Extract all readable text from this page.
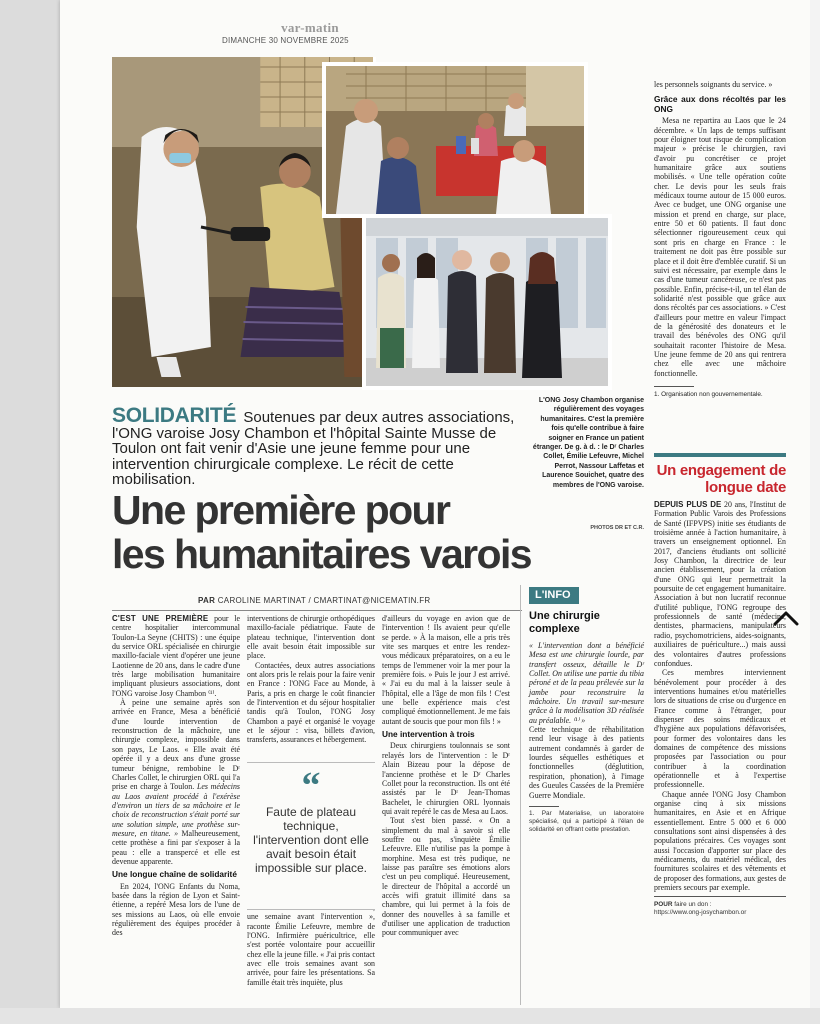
var-matin
DIMANCHE 30 NOVEMBRE 2025
L'ONG Josy Chambon organise régulièrement des voyages humanitaires. C'est la première fois qu'elle contribue à faire soigner en France un patient étranger. De g. à d. : le Dʳ Charles Collet, Émilie Lefeuvre, Michel Perrot, Nassour Laffetas et Laurence Souichet, quatre des membres de l'ONG varoise.
PHOTOS DR ET C.R.
SOLIDARITÉ Soutenues par deux autres associations, l'ONG varoise Josy Chambon et l'hôpital Sainte Musse de Toulon ont fait venir d'Asie une jeune femme pour une intervention chirurgicale complexe. Le récit de cette mobilisation.
Une première pour
les humanitaires varois
PAR CAROLINE MARTINAT / CMARTINAT@NICEMATIN.FR

C'EST UNE PREMIÈRE pour le centre hospitalier intercommunal Toulon-La Seyne (CHITS) : une équipe du service ORL spécialisée en chirurgie maxillo-faciale vient d'opérer une jeune Laotienne de 20 ans, dans le cadre d'une très large mobilisation humanitaire impliquant plusieurs associations, dont l'ONG varoise Josy Chambon ⁽¹⁾.

À peine une semaine après son arrivée en France, Mesa a bénéficié d'une lourde intervention de reconstruction de la mâchoire, une chirurgie complexe, impossible dans son pays, Le Laos. « Elle avait été opérée il y a deux ans d'une grosse tumeur bénigne, rembobine le Dʳ Charles Collet, le chirurgien ORL qui l'a prise en charge à Toulon. Les médecins au Laos avaient procédé à l'exérèse d'environ un tiers de sa mâchoire et le choix de reconstruction s'était porté sur une solution simple, une prothèse sur-mesure, en titane. » Malheureusement, cette prothèse a fini par s'exposer à la peau : elle a transpercé et elle est devenue apparente.

Une longue chaîne de solidarité

En 2024, l'ONG Enfants du Noma, basée dans la région de Lyon et Saint-étienne, a repéré Mesa lors de l'une de ses missions au Laos, où elle envoie régulièrement des équipes procéder à des

interventions de chirurgie orthopédiques maxillo-faciale pédiatrique. Faute de plateau technique, l'intervention dont elle avait besoin était impossible sur place.

Contactées, deux autres associations ont alors pris le relais pour la faire venir en France : l'ONG Face au Monde, à Paris, a pris en charge le coût financier de l'intervention et du séjour hospitalier tandis qu'à Toulon, l'ONG Josy Chambon a payé et organisé le voyage et le séjour : visa, billets d'avion, transferts, assurances et hébergement.

une semaine avant l'intervention », raconte Émilie Lefeuvre, membre de l'ONG. Infirmière puéricultrice, elle s'est portée volontaire pour accueillir chez elle la jeune fille. « J'ai pris contact avec elle trois semaines avant son arrivée, pour faire les présentations. Sa famille était très inquiète, plus

“
Faute de plateau technique, l'intervention dont elle avait besoin était impossible sur place.

d'ailleurs du voyage en avion que de l'intervention ! Ils avaient peur qu'elle se perde. » À la maison, elle a pris très vite ses marques et entre les rendez-vous médicaux préparatoires, on a eu le temps de l'emmener voir la mer pour la première fois. » Puis le jour J est arrivé. « J'ai eu du mal à la laisser seule à l'hôpital, elle a l'âge de mon fils ! C'est une belle expérience mais c'est compliqué émotionnellement. Je me fais autant de soucis que pour mon fils ! »

Une intervention à trois

Deux chirurgiens toulonnais se sont relayés lors de l'intervention : le Dʳ Alain Bizeau pour la dépose de l'ancienne prothèse et le Dʳ Charles Collet pour la reconstruction. Ils ont été assistés par le Dʳ Jean-Thomas Bachelet, le chirurgien ORL lyonnais qui avait repéré le cas de Mesa au Laos.

Tout s'est bien passé. « On a simplement du mal à savoir si elle souffre ou pas, s'inquiète Émilie Lefeuvre. Elle n'utilise pas la pompe à morphine. Mesa est très pudique, ne laisse pas paraître ses émotions alors c'est un peu compliqué. Heureusement, le directeur de l'hôpital a accordé un accès wifi gratuit illimité dans sa chambre, qui lui permet à la fois de donner des nouvelles à sa famille et d'utiliser une application de traduction pour communiquer avec

L'INFO
Une chirurgie complexe

« L'intervention dont a bénéficié Mesa est une chirurgie lourde, par transfert osseux, détaille le Dʳ Collet. On utilise une partie du tibia péroné et de la peau prélevée sur la jambe pour reconstruire la mâchoire. Un travail sur-mesure grâce à la modélisation 3D réalisée au préalable. ⁽¹⁾ »

Cette technique de réhabilitation rend leur visage à des patients autrement condamnés à garder de lourdes séquelles esthétiques et fonctionnelles (déglutition, respiration, phonation), à l'image des Gueules Cassées de la Première Guerre Mondiale.

1. Par Materialise, un laboratoire spécialisé, qui a participé à l'élan de solidarité en offrant cette prestation.

les personnels soignants du service. »

Grâce aux dons récoltés par les ONG

Mesa ne repartira au Laos que le 24 décembre. « Un laps de temps suffisant pour éloigner tout risque de complication majeur » précise le chirurgien, ravi d'avoir pu concrétiser ce projet humanitaire grâce aux soutiens mobilisés. « Une telle opération coûte cher. Le devis pour les seuls frais médicaux tourne autour de 15 000 euros. Avec ce budget, une ONG organise une mission et prend en charge, sur place, entre 50 et 60 patients. Il faut donc sélectionner rigoureusement ceux qui sont pris en charge en France : le traitement ne doit pas être possible sur place et il doit être d'emblée curatif. Si un suivi est nécessaire, par exemple dans le cas d'une tumeur cancéreuse, ce n'est pas possible. Enfin, précise-t-il, un tel élan de solidarité n'est possible que grâce aux dons récoltés par ces associations. » C'est d'ailleurs pour mettre en valeur l'impact de la générosité des donateurs et le travail des bénévoles des ONG qu'il souhaitait raconter l'histoire de Mesa. Une jeune femme de 20 ans qui rentrera chez elle avec une mâchoire fonctionnelle.

1. Organisation non gouvernementale.

Un engagement de longue date

DEPUIS PLUS DE 20 ans, l'Institut de Formation Public Varois des Professions de Santé (IFPVPS) initie ses étudiants de troisième année à l'action humanitaire, à travers un enseignement optionnel. En 2017, d'anciens étudiants ont sollicité Josy Chambon, la directrice de leur ancien établissement, pour la création d'une ONG qui leur permettrait la poursuite de cet engagement humanitaire. Association à but non lucratif reconnue d'utilité publique, l'ONG regroupe des professionnels de santé (médecins, dentistes, pharmaciens, manipulateurs radio, psychomotriciens, aides-soignants, auxiliaires de puériculture...) mais aussi des volontaires d'autres professions confondues.

Ces membres interviennent bénévolement pour procéder à des interventions humaines et/ou matérielles lors de situations de crise ou d'urgence en France comme à l'étranger, pour dispenser des soins médicaux et d'hygiène aux populations défavorisées, pour former des volontaires dans les domaines de compétence des missions proposées par l'association ou pour contribuer à la coordination opérationnelle et à l'expertise professionnelle.

Chaque année l'ONG Josy Chambon organise cinq à six missions humanitaires, en Asie et en Afrique essentiellement. Entre 5 000 et 6 000 consultations sont ainsi dispensées à des populations précaires. Ces voyages sont aussi l'occasion d'apporter sur place des médicaments, du matériel médical, des fournitures scolaires et des vêtements et de proposer des formations, aux gestes de premiers secours par exemple.

POUR faire un don :
https://www.ong-josychambon.or
